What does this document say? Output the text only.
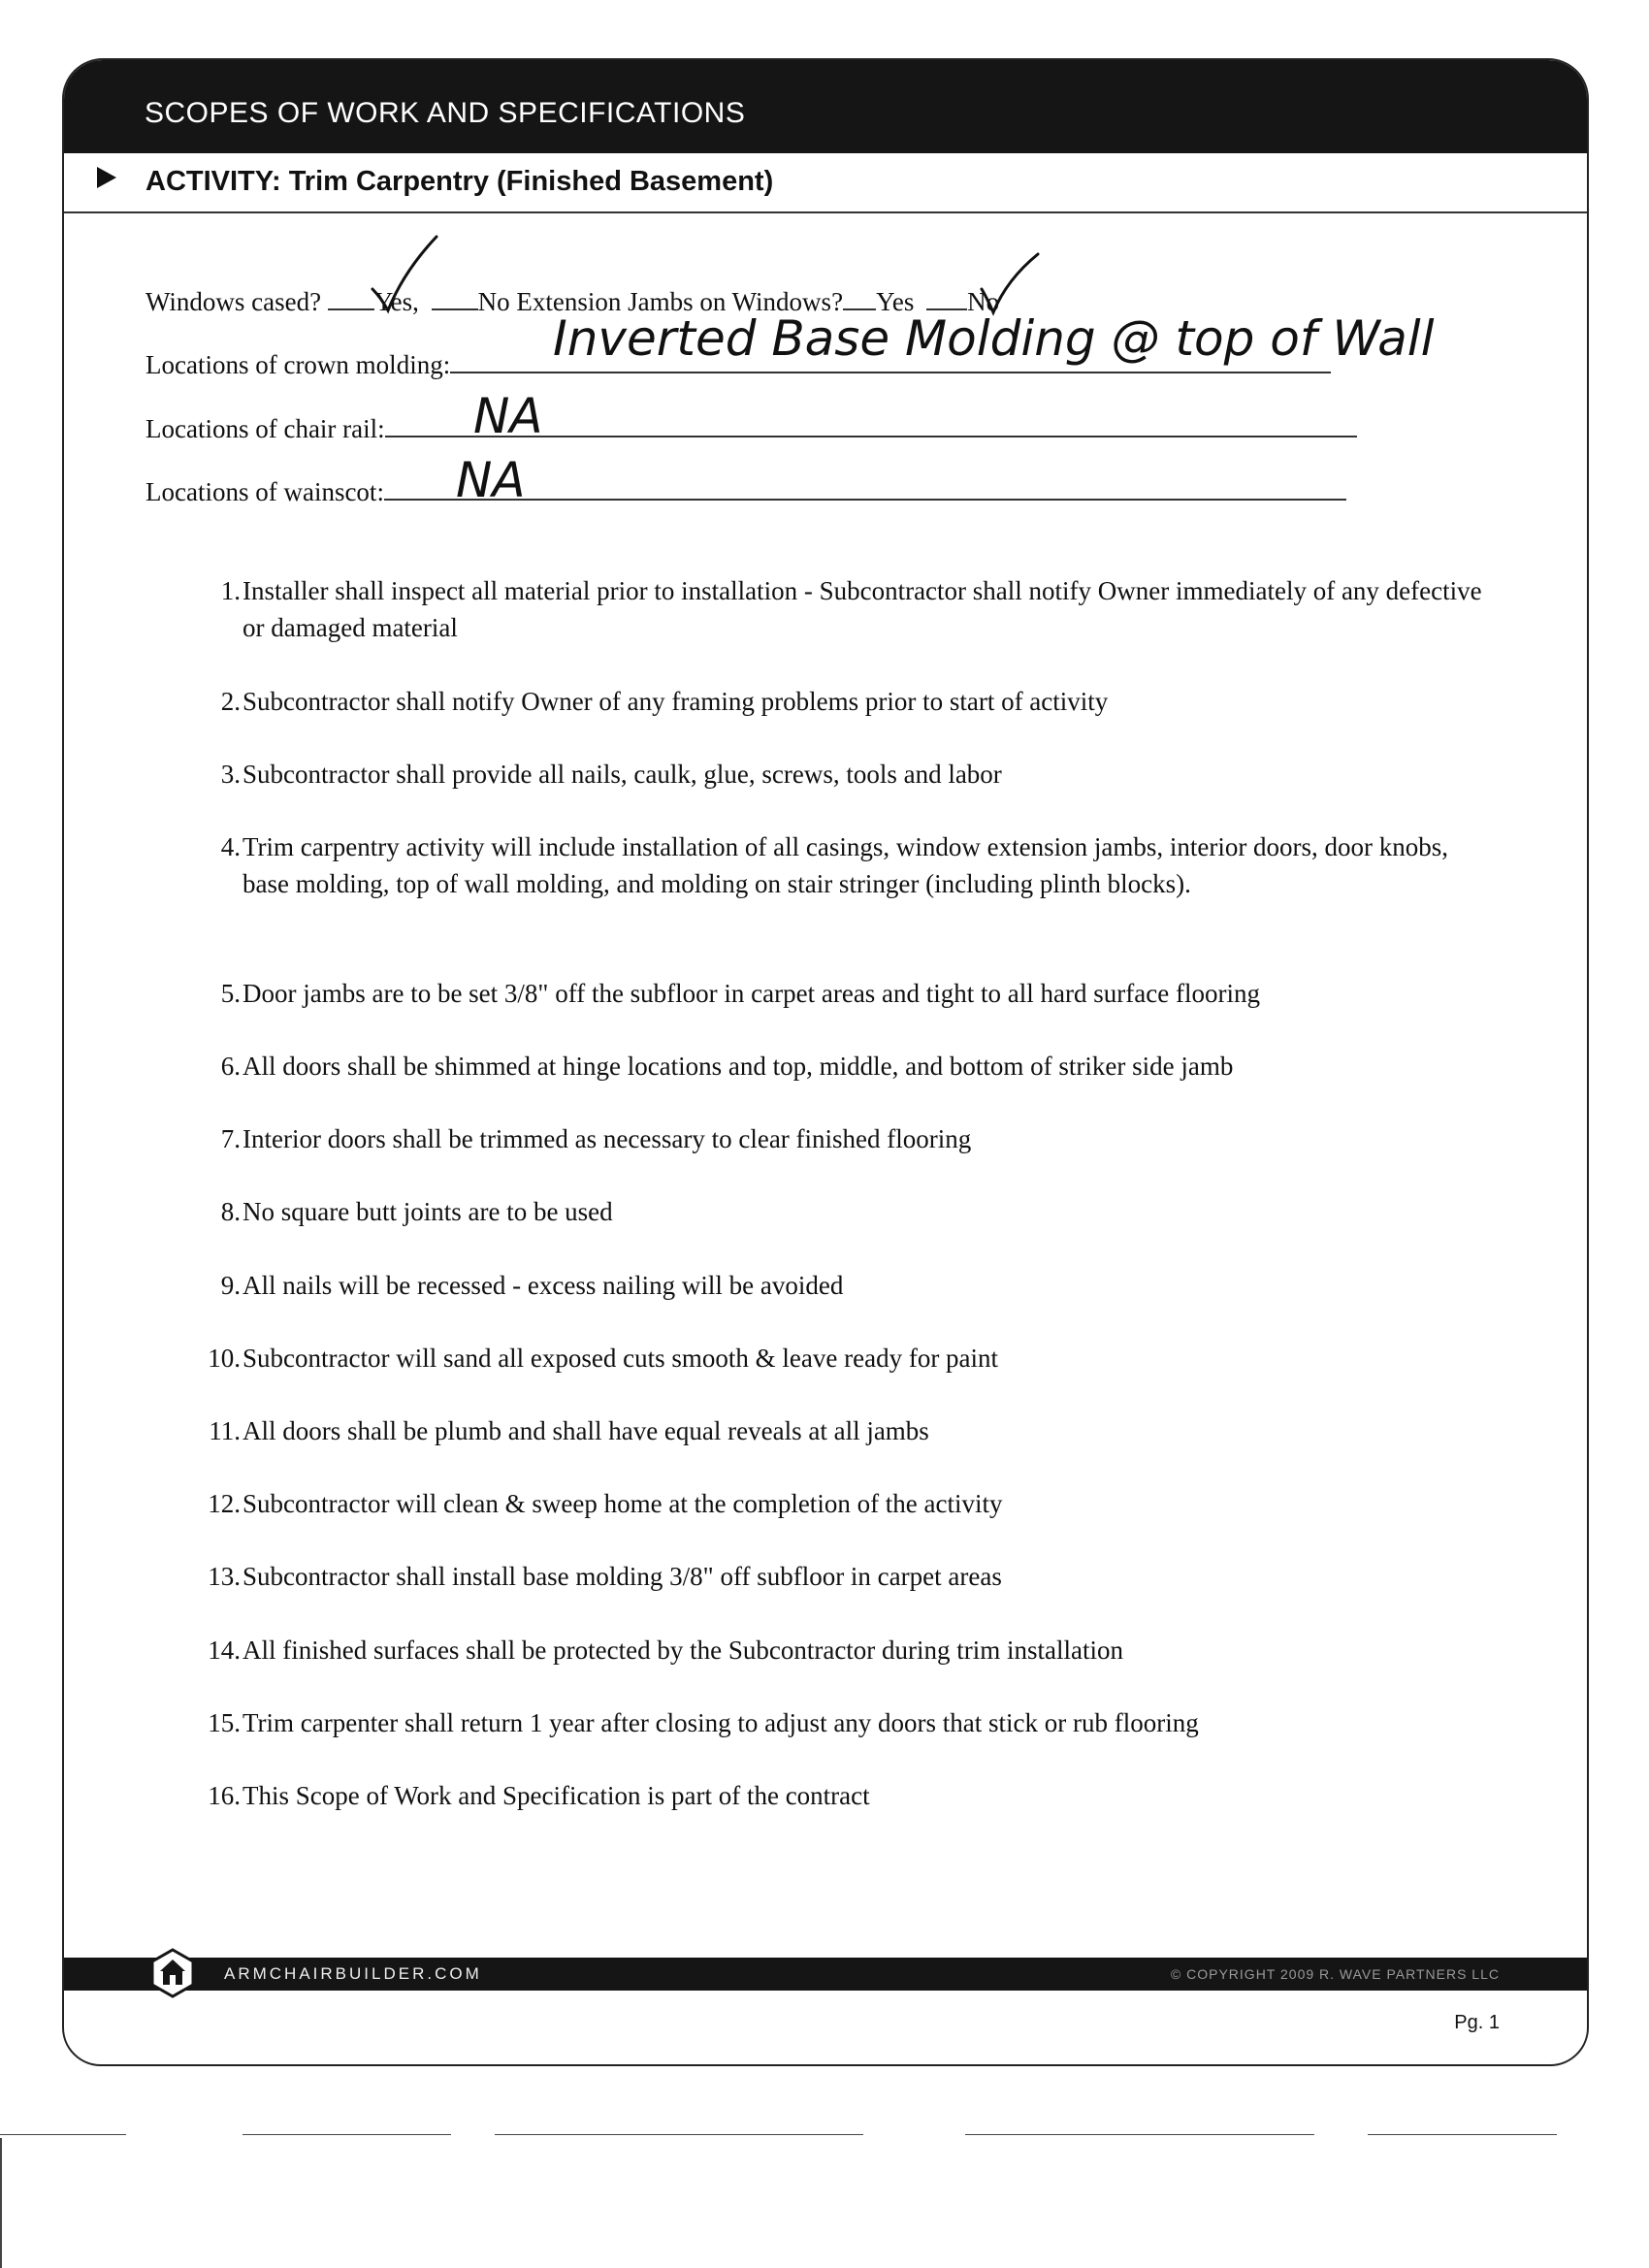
SCOPES OF WORK AND SPECIFICATIONS
ACTIVITY: Trim Carpentry (Finished Basement)
ARMCHAIRBUILDER.COM	© COPYRIGHT 2009 R. WAVE PARTNERS LLC
Pg. 1
Windows cased? Yes, No Extension Jambs on Windows? Yes No
Locations of crown molding:	Inverted Base Molding @ top of Wall
Locations of chair rail:	NA
Locations of wainscot:	NA
1. Installer shall inspect all material prior to installation - Subcontractor shall notify Owner immediately of any defective or damaged material
2. Subcontractor shall notify Owner of any framing problems prior to start of activity
3. Subcontractor shall provide all nails, caulk, glue, screws, tools and labor
4. Trim carpentry activity will include installation of all casings, window extension jambs, interior doors, door knobs, base molding, top of wall molding, and molding on stair stringer (including plinth blocks).
5. Door jambs are to be set 3/8" off the subfloor in carpet areas and tight to all hard surface flooring
6. All doors shall be shimmed at hinge locations and top, middle, and bottom of striker side jamb
7. Interior doors shall be trimmed as necessary to clear finished flooring
8. No square butt joints are to be used
9. All nails will be recessed - excess nailing will be avoided
10. Subcontractor will sand all exposed cuts smooth & leave ready for paint
11. All doors shall be plumb and shall have equal reveals at all jambs
12. Subcontractor will clean & sweep home at the completion of the activity
13. Subcontractor shall install base molding 3/8" off subfloor in carpet areas
14. All finished surfaces shall be protected by the Subcontractor during trim installation
15. Trim carpenter shall return 1 year after closing to adjust any doors that stick or rub flooring
16. This Scope of Work and Specification is part of the contract
